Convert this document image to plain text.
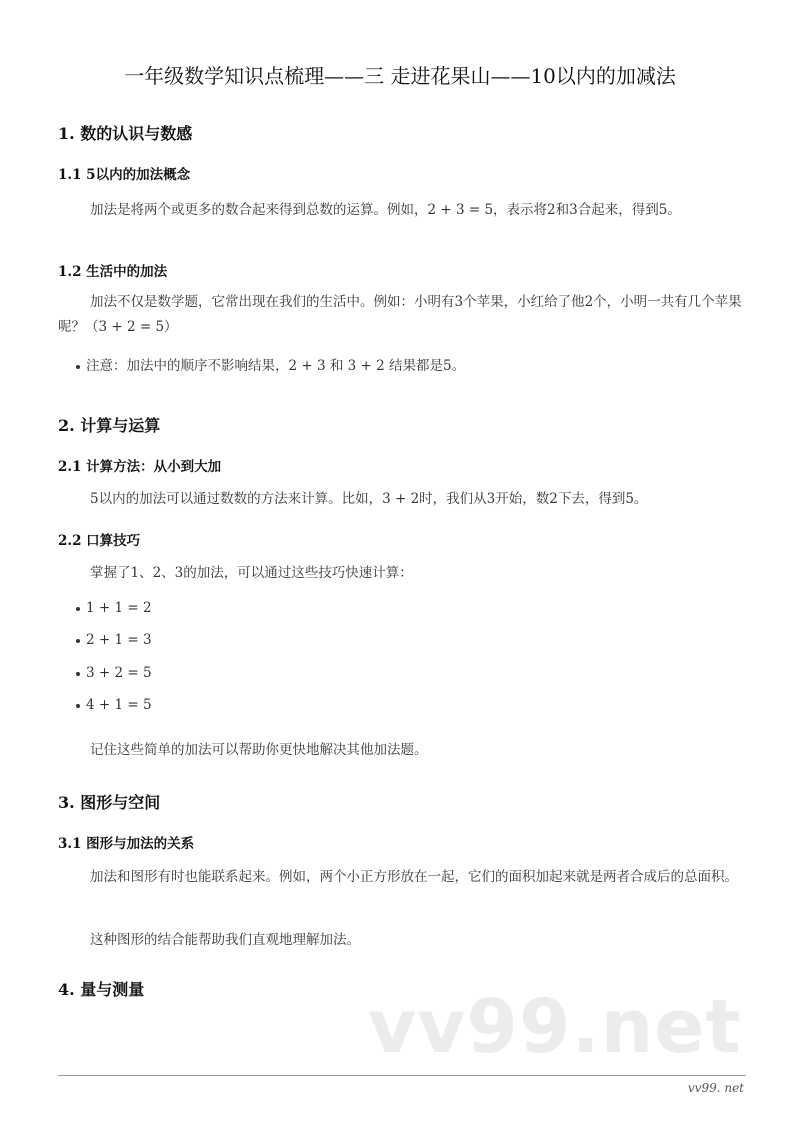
一年级数学知识点梳理——三 走进花果山——10以内的加减法
1. 数的认识与数感
1.1 5以内的加法概念
加法是将两个或更多的数合起来得到总数的运算。例如，2 + 3 = 5，表示将2和3合起来，得到5。
1.2 生活中的加法
加法不仅是数学题，它常出现在我们的生活中。例如：小明有3个苹果，小红给了他2个，小明一共有几个苹果呢？（3 + 2 = 5）
注意：加法中的顺序不影响结果，2 + 3 和 3 + 2 结果都是5。
2. 计算与运算
2.1 计算方法：从小到大加
5以内的加法可以通过数数的方法来计算。比如，3 + 2时，我们从3开始，数2下去，得到5。
2.2 口算技巧
掌握了1、2、3的加法，可以通过这些技巧快速计算：
1 + 1 = 2
2 + 1 = 3
3 + 2 = 5
4 + 1 = 5
记住这些简单的加法可以帮助你更快地解决其他加法题。
3. 图形与空间
3.1 图形与加法的关系
加法和图形有时也能联系起来。例如，两个小正方形放在一起，它们的面积加起来就是两者合成后的总面积。
这种图形的结合能帮助我们直观地理解加法。
4. 量与测量	vv99.net
vv99. net
